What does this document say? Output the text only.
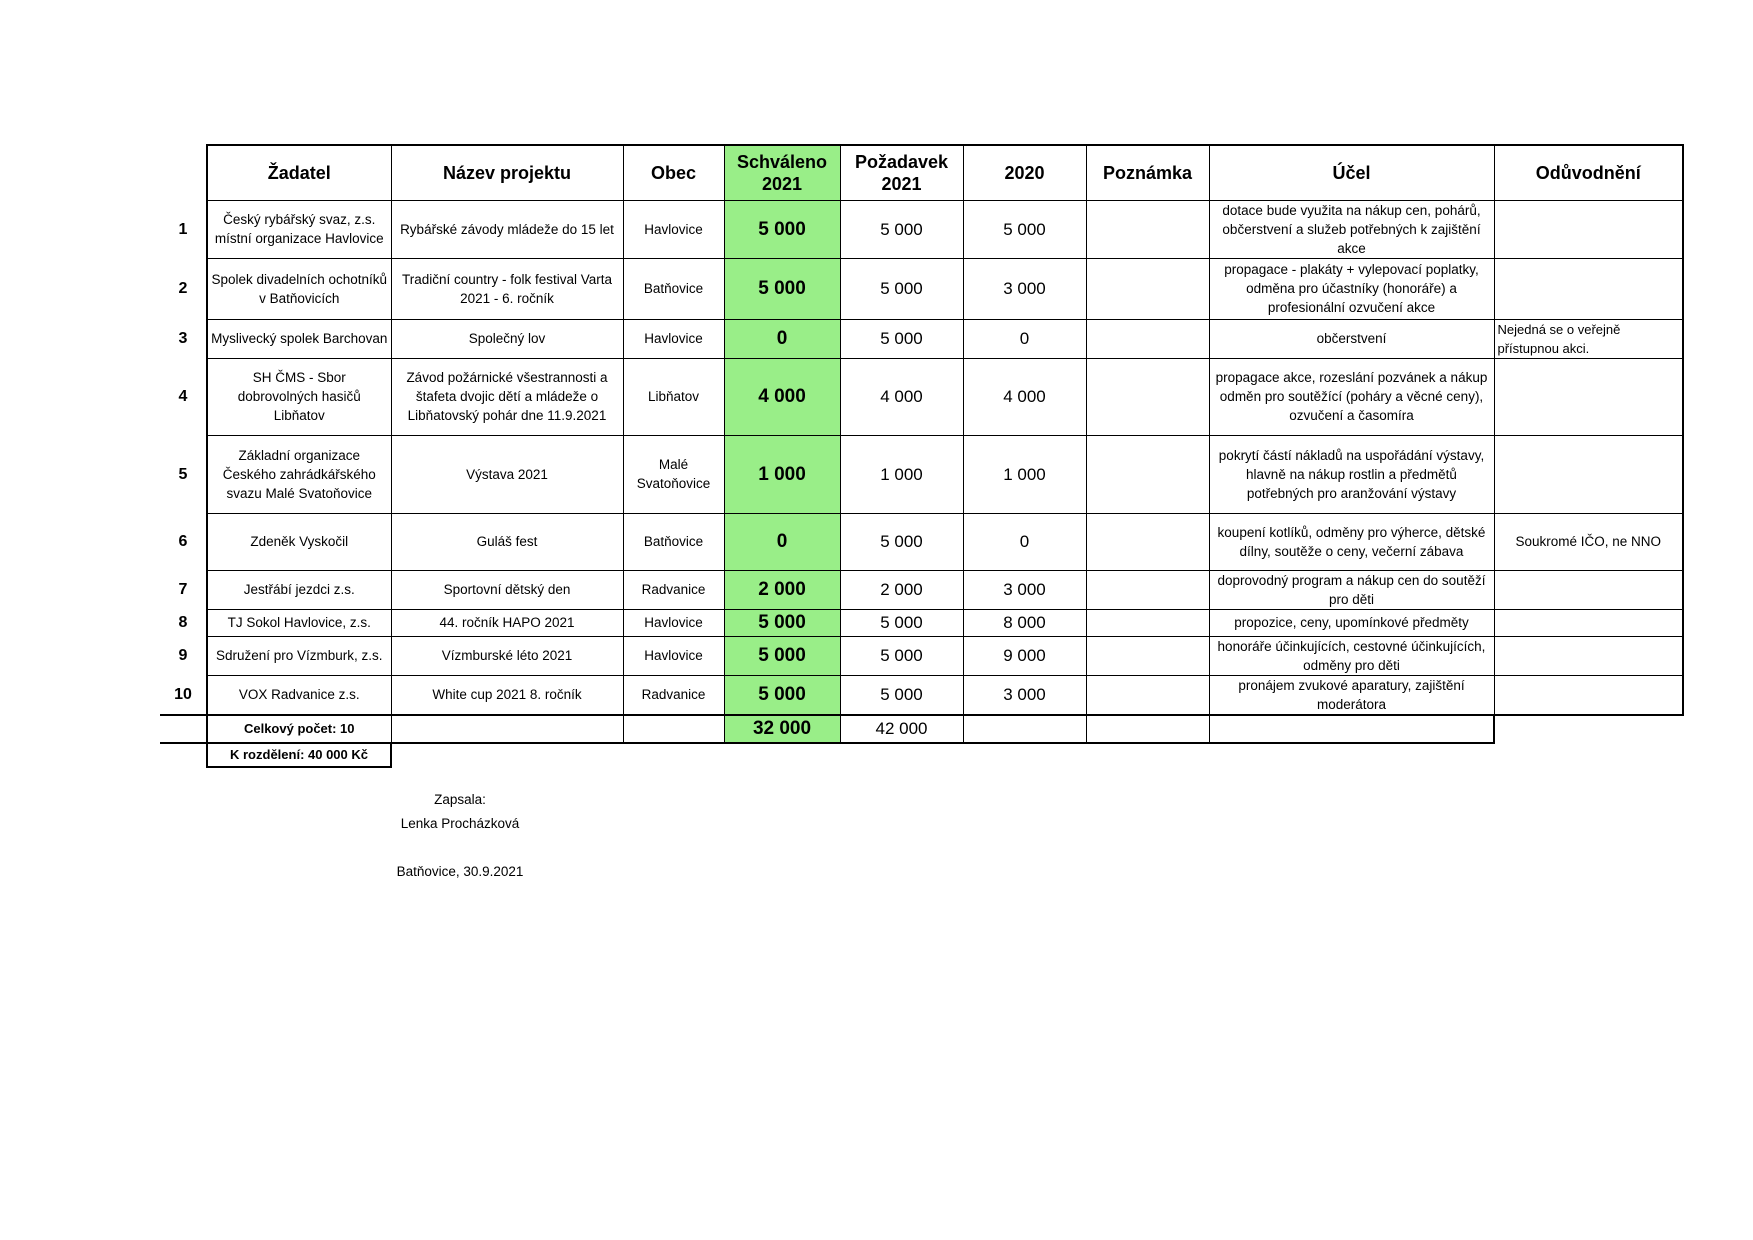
	Žadatel	Název projektu	Obec	Schváleno 2021	Požadavek 2021	2020	Poznámka	Účel	Odůvodnění
1	Český rybářský svaz, z.s. místní organizace Havlovice	Rybářské závody mládeže do 15 let	Havlovice	5 000	5 000	5 000		dotace bude využita na nákup cen, pohárů, občerstvení a služeb potřebných k zajištění akce	
2	Spolek divadelních ochotníků v Batňovicích	Tradiční country - folk festival Varta 2021 - 6. ročník	Batňovice	5 000	5 000	3 000		propagace - plakáty + vylepovací poplatky, odměna pro účastníky (honoráře) a profesionální ozvučení akce	
3	Myslivecký spolek Barchovan	Společný lov	Havlovice	0	5 000	0		občerstvení	Nejedná se o veřejně přístupnou akci.
4	SH ČMS - Sbor dobrovolných hasičů Libňatov	Závod požárnické všestrannosti a štafeta dvojic dětí a mládeže o Libňatovský pohár dne 11.9.2021	Libňatov	4 000	4 000	4 000		propagace akce, rozeslání pozvánek a nákup odměn pro soutěžící (poháry a věcné ceny), ozvučení a časomíra	
5	Základní organizace Českého zahrádkářského svazu Malé Svatoňovice	Výstava 2021	Malé Svatoňovice	1 000	1 000	1 000		pokrytí částí nákladů na uspořádání výstavy, hlavně na nákup rostlin a předmětů potřebných pro aranžování výstavy	
6	Zdeněk Vyskočil	Guláš fest	Batňovice	0	5 000	0		koupení kotlíků, odměny pro výherce, dětské dílny, soutěže o ceny, večerní zábava	Soukromé IČO, ne NNO
7	Jestřábí jezdci z.s.	Sportovní dětský den	Radvanice	2 000	2 000	3 000		doprovodný program a nákup cen do soutěží pro děti	
8	TJ Sokol Havlovice, z.s.	44. ročník HAPO 2021	Havlovice	5 000	5 000	8 000		propozice, ceny, upomínkové předměty	
9	Sdružení pro Vízmburk, z.s.	Vízmburské léto 2021	Havlovice	5 000	5 000	9 000		honoráře účinkujících, cestovné účinkujících, odměny pro děti	
10	VOX Radvanice z.s.	White cup 2021 8. ročník	Radvanice	5 000	5 000	3 000		pronájem zvukové aparatury, zajištění moderátora	
	Celkový počet: 10			32 000	42 000				
	K rozdělení: 40 000 Kč								
Zapsala:
Lenka Procházková
Batňovice, 30.9.2021
